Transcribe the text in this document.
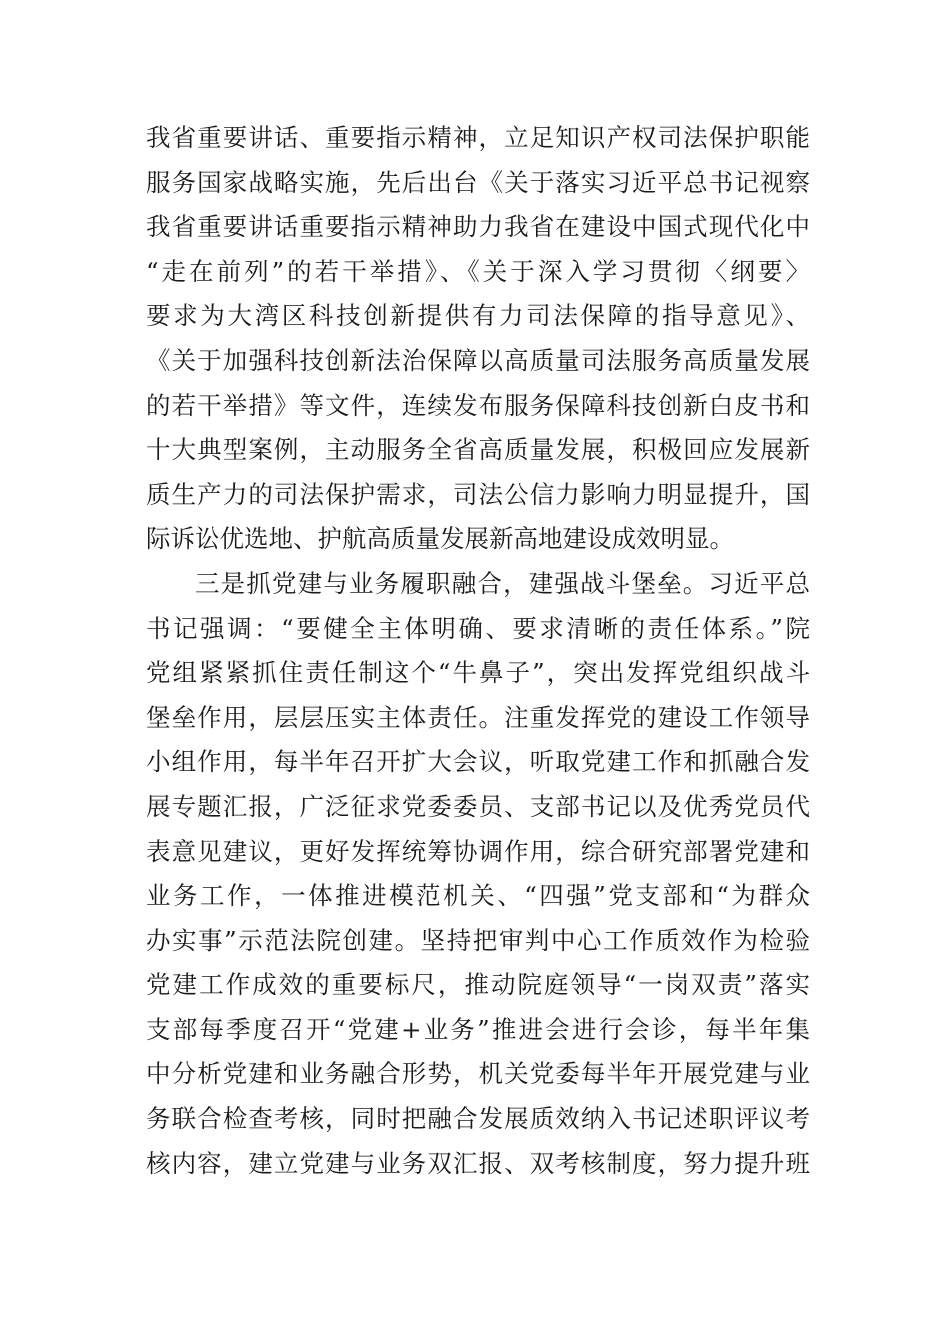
我省重要讲话、重要指示精神，立足知识产权司法保护职能
服务国家战略实施，先后出台《关于落实习近平总书记视察
我省重要讲话重要指示精神助力我省在建设中国式现代化中
“走在前列”的若干举措》、《关于深入学习贯彻〈纲要〉
要求为大湾区科技创新提供有力司法保障的指导意见》、
《关于加强科技创新法治保障以高质量司法服务高质量发展
的若干举措》等文件，连续发布服务保障科技创新白皮书和
十大典型案例，主动服务全省高质量发展，积极回应发展新
质生产力的司法保护需求，司法公信力影响力明显提升，国
际诉讼优选地、护航高质量发展新高地建设成效明显。
三是抓党建与业务履职融合，建强战斗堡垒。习近平总
书记强调：“要健全主体明确、要求清晰的责任体系。”院
党组紧紧抓住责任制这个“牛鼻子”，突出发挥党组织战斗
堡垒作用，层层压实主体责任。注重发挥党的建设工作领导
小组作用，每半年召开扩大会议，听取党建工作和抓融合发
展专题汇报，广泛征求党委委员、支部书记以及优秀党员代
表意见建议，更好发挥统筹协调作用，综合研究部署党建和
业务工作，一体推进模范机关、“四强”党支部和“为群众
办实事”示范法院创建。坚持把审判中心工作质效作为检验
党建工作成效的重要标尺，推动院庭领导“一岗双责”落实
支部每季度召开“党建+业务”推进会进行会诊，每半年集
中分析党建和业务融合形势，机关党委每半年开展党建与业
务联合检查考核，同时把融合发展质效纳入书记述职评议考
核内容，建立党建与业务双汇报、双考核制度，努力提升班
